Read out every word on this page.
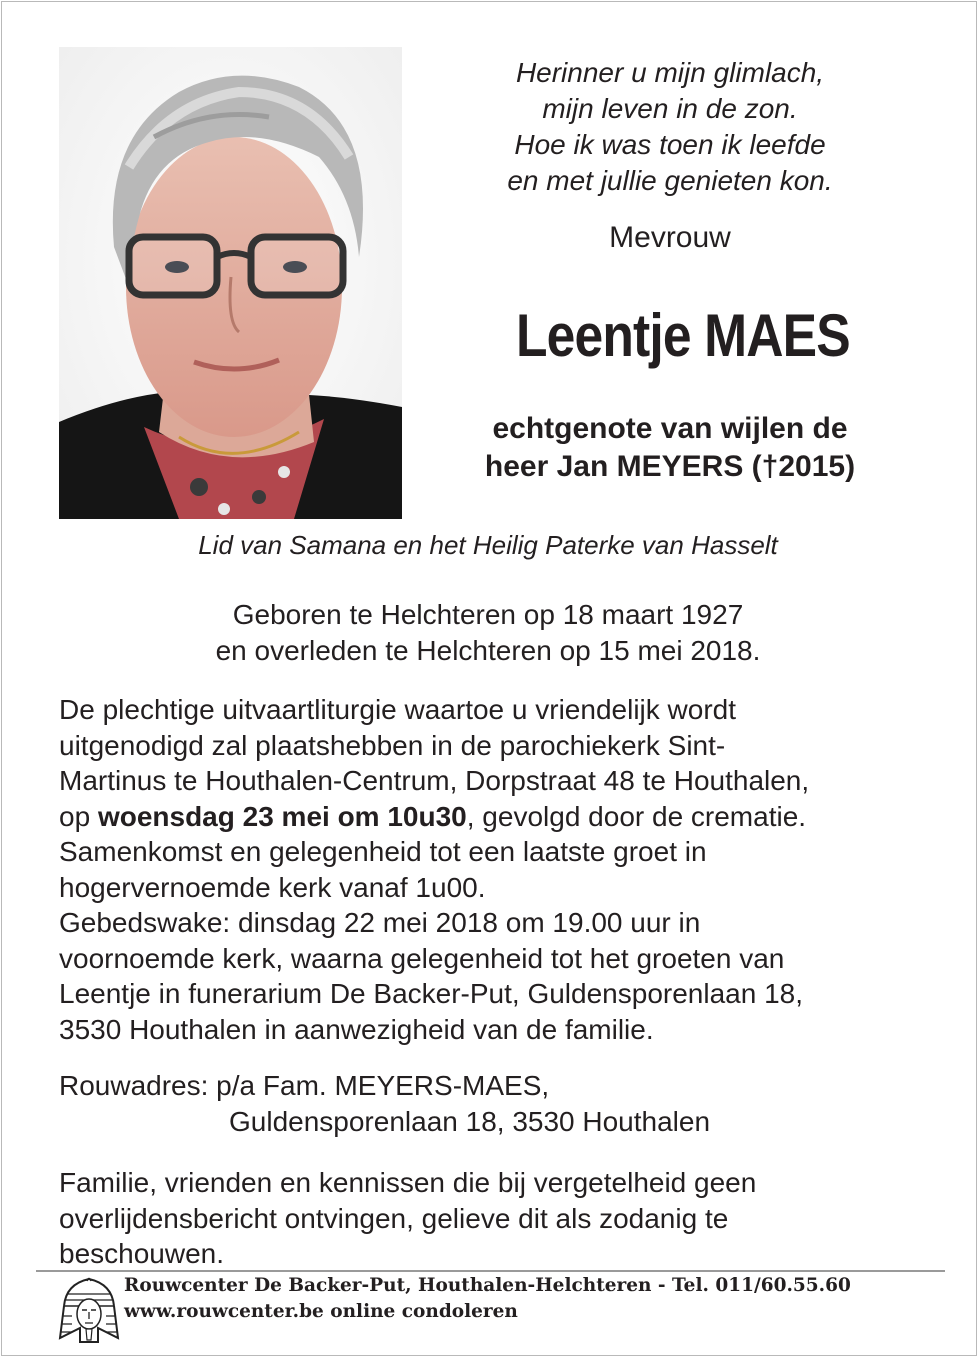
Herinner u mijn glimlach,
mijn leven in de zon.
Hoe ik was toen ik leefde
en met jullie genieten kon.
Mevrouw
Leentje MAES
echtgenote van wijlen de
heer Jan MEYERS (†2015)
Lid van Samana en het Heilig Paterke van Hasselt
Geboren te Helchteren op 18 maart 1927
en overleden te Helchteren op 15 mei 2018.
De plechtige uitvaartliturgie waartoe u vriendelijk wordt
uitgenodigd zal plaatshebben in de parochiekerk Sint-
Martinus te Houthalen-Centrum, Dorpstraat 48 te Houthalen,
op woensdag 23 mei om 10u30, gevolgd door de crematie.
Samenkomst en gelegenheid tot een laatste groet in
hogervernoemde kerk vanaf 1u00.
Gebedswake: dinsdag 22 mei 2018 om 19.00 uur in
voornoemde kerk, waarna gelegenheid tot het groeten van
Leentje in funerarium De Backer-Put, Guldensporenlaan 18,
3530 Houthalen in aanwezigheid van de familie.
Rouwadres: p/a Fam. MEYERS-MAES,
Guldensporenlaan 18, 3530 Houthalen
Familie, vrienden en kennissen die bij vergetelheid geen
overlijdensbericht ontvingen, gelieve dit als zodanig te
beschouwen.
Rouwcenter De Backer-Put, Houthalen-Helchteren - Tel. 011/60.55.60
www.rouwcenter.be online condoleren
